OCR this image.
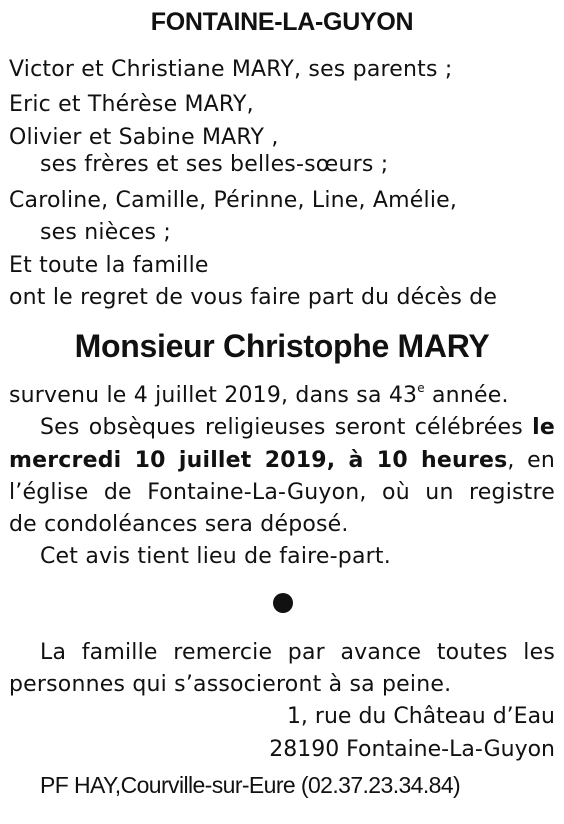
FONTAINE-LA-GUYON
Victor et Christiane MARY, ses parents ;
Eric et Thérèse MARY,
Olivier et Sabine MARY ,
ses frères et ses belles-sœurs ;
Caroline, Camille, Périnne, Line, Amélie,
ses nièces ;
Et toute la famille
ont le regret de vous faire part du décès de
Monsieur Christophe MARY
survenu le 4 juillet 2019, dans sa 43e année.
Ses obsèques religieuses seront célébrées le
mercredi 10 juillet 2019, à 10 heures, en
l’église de Fontaine-La-Guyon, où un registre
de condoléances sera déposé.
Cet avis tient lieu de faire-part.
La famille remercie par avance toutes les
personnes qui s’associeront à sa peine.
1, rue du Château d’Eau
28190 Fontaine-La-Guyon
PF HAY,Courville-sur-Eure (02.37.23.34.84)
